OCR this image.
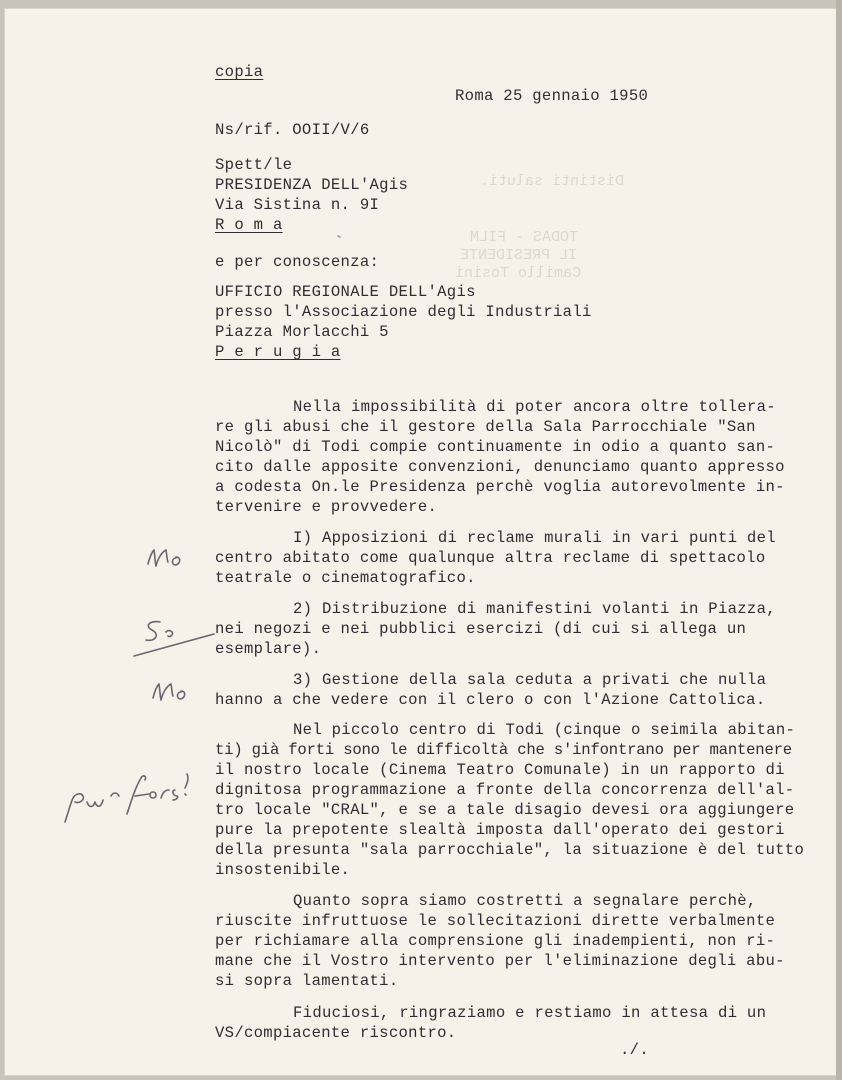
Distinti saluti.
TODAS - FILM
IL PRESIDENTE
Camillo Tosini
copia
Roma 25 gennaio 1950
Ns/rif. OOII/V/6
Spett/le
PRESIDENZA DELL'Agis
Via Sistina n. 9I
R o m a
e per conoscenza:
UFFICIO REGIONALE DELL'Agis
presso l'Associazione degli Industriali
Piazza Morlacchi 5
P e r u g i a
Nella impossibilità di poter ancora oltre tollera-
re gli abusi che il gestore della Sala Parrocchiale "San
Nicolò" di Todi compie continuamente in odio a quanto san-
cito dalle apposite convenzioni, denunciamo quanto appresso
a codesta On.le Presidenza perchè voglia autorevolmente in-
tervenire e provvedere.
I) Apposizioni di reclame murali in vari punti del
centro abitato come qualunque altra reclame di spettacolo
teatrale o cinematografico.
2) Distribuzione di manifestini volanti in Piazza,
nei negozi e nei pubblici esercizi (di cui si allega un
esemplare).
3) Gestione della sala ceduta a privati che nulla
hanno a che vedere con il clero o con l'Azione Cattolica.
Nel piccolo centro di Todi (cinque o seimila abitan-
ti) già forti sono le difficoltà che s'infontrano per mantenere
il nostro locale (Cinema Teatro Comunale) in un rapporto di
dignitosa programmazione a fronte della concorrenza dell'al-
tro locale "CRAL", e se a tale disagio devesi ora aggiungere
pure la prepotente slealtà imposta dall'operato dei gestori
della presunta "sala parrocchiale", la situazione è del tutto
insostenibile.
Quanto sopra siamo costretti a segnalare perchè,
riuscite infruttuose le sollecitazioni dirette verbalmente
per richiamare alla comprensione gli inadempienti, non ri-
mane che il Vostro intervento per l'eliminazione degli abu-
si sopra lamentati.
Fiduciosi, ringraziamo e restiamo in attesa di un
VS/compiacente riscontro.
./.
